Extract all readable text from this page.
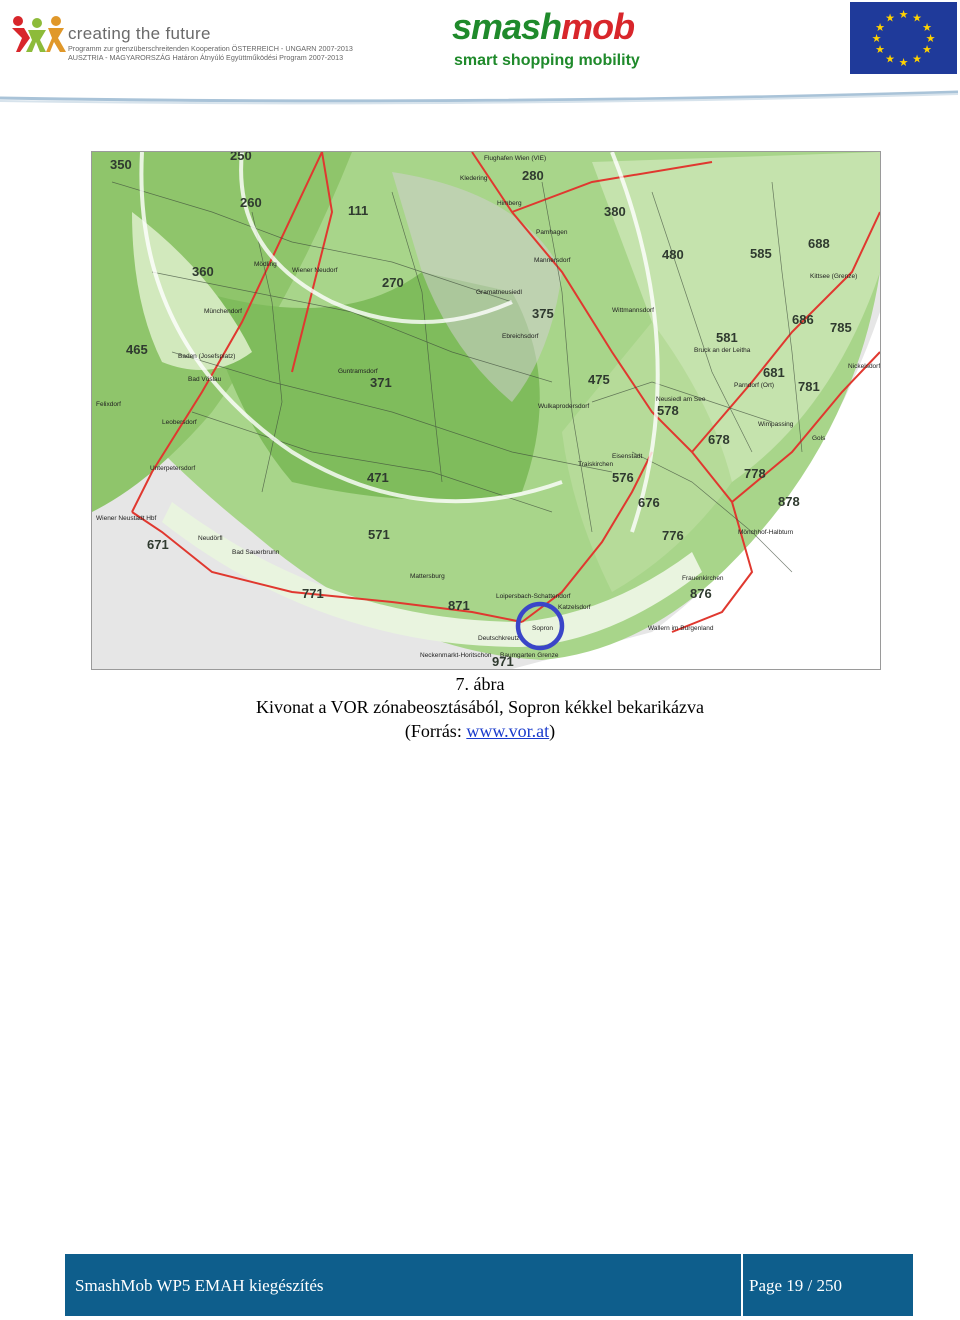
creating the future
Programm zur grenzüberschreitenden Kooperation ÖSTERREICH - UNGARN 2007-2013
AUSZTRIA - MAGYARORSZÁG Határon Átnyúló Együttműködési Program 2007-2013
smashmob
smart shopping mobility
★ ★
★
★
★
★
★
★
★
★
★
★
350
250
260
360
465
111
270
280
380
480	585
688
375
475
371
471
571
671
771
871
971
578
678
581
686
785
681
781
576
676
778
878
776
876
Flughafen Wien (VIE)
Kledering
Mödling
Wiener Neudorf
Baden (Josefsplatz)
Bad Vöslau
Leobersdorf
Wiener Neustadt Hbf
Mattersburg
Loipersbach-Schattendorf
Sopron
Deutschkreutz
Neckenmarkt-Horitschon
Eisenstadt
Neusiedl am See
Parndorf (Ort)
Bruck an der Leitha
Kittsee (Grenze)
Nickelsdorf
Himberg
Ebreichsdorf
Pamhagen
Wallern im Burgenland
Frauenkirchen
Mönchhof-Halbturn
Gols
Wimpassing
Wulkaprodersdorf
Traiskirchen
Guntramsdorf
Münchendorf
Gramatneusiedl
Mannersdorf
Wittmannsdorf
Felixdorf
Unterpetersdorf
Baumgarten Grenze
Katzelsdorf
Neudörfl
Bad Sauerbrunn
7. ábra
Kivonat a VOR zónabeosztásából, Sopron kékkel bekarikázva
(Forrás: www.vor.at)
SmashMob WP5 EMAH kiegészítés	Page 19 / 250
